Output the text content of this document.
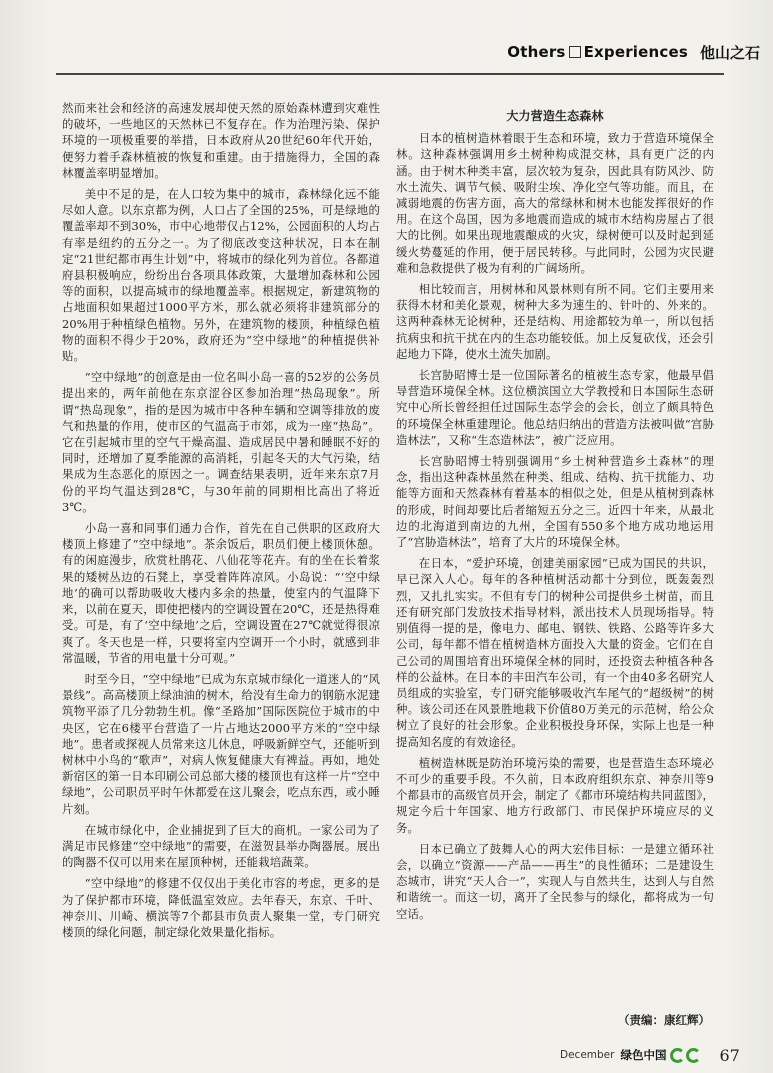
Others Experiences 他山之石

然而来社会和经济的高速发展却使天然的原始森林遭到灾难性的破坏，一些地区的天然林已不复存在。作为治理污染、保护环境的一项极重要的举措，日本政府从20世纪60年代开始，便努力着手森林植被的恢复和重建。由于措施得力，全国的森林覆盖率明显增加。

美中不足的是，在人口较为集中的城市，森林绿化远不能尽如人意。以东京都为例，人口占了全国的25%，可是绿地的覆盖率却不到30%，市中心地带仅占12%，公园面积的人均占有率是纽约的五分之一。为了彻底改变这种状况，日本在制定“21世纪都市再生计划”中，将城市的绿化列为首位。各都道府县积极响应，纷纷出台各项具体政策，大量增加森林和公园等的面积，以提高城市的绿地覆盖率。根据规定，新建筑物的占地面积如果超过1000平方米，那么就必须将非建筑部分的20%用于种植绿色植物。另外，在建筑物的楼顶，种植绿色植物的面积不得少于20%，政府还为“空中绿地”的种植提供补贴。

“空中绿地”的创意是由一位名叫小岛一喜的52岁的公务员提出来的，两年前他在东京涩谷区参加治理“热岛现象”。所谓“热岛现象”，指的是因为城市中各种车辆和空调等排放的废气和热量的作用，使市区的气温高于市郊，成为一座“热岛”。它在引起城市里的空气干燥高温、造成居民中暑和睡眠不好的同时，还增加了夏季能源的高消耗，引起冬天的大气污染，结果成为生态恶化的原因之一。调查结果表明，近年来东京7月份的平均气温达到28℃，与30年前的同期相比高出了将近3℃。

小岛一喜和同事们通力合作，首先在自己供职的区政府大楼顶上修建了“空中绿地”。茶余饭后，职员们便上楼顶休憩。有的闲庭漫步，欣赏杜鹃花、八仙花等花卉。有的坐在长着浆果的矮树丛边的石凳上，享受着阵阵凉风。小岛说：“‘空中绿地’的确可以帮助吸收大楼内多余的热量，使室内的气温降下来，以前在夏天，即使把楼内的空调设置在20℃，还是热得难受。可是，有了‘空中绿地’之后，空调设置在27℃就觉得很凉爽了。冬天也是一样，只要将室内空调开一个小时，就感到非常温暖，节省的用电量十分可观。”

时至今日，“空中绿地”已成为东京城市绿化一道迷人的“风景线”。高高楼顶上绿油油的树木，给没有生命力的钢筋水泥建筑物平添了几分勃勃生机。像“圣路加”国际医院位于城市的中央区，它在6楼平台营造了一片占地达2000平方米的“空中绿地”。患者或探视人员常来这儿休息，呼吸新鲜空气，还能听到树林中小鸟的“歌声”，对病人恢复健康大有裨益。再如，地处新宿区的第一日本印刷公司总部大楼的楼顶也有这样一片“空中绿地”，公司职员平时午休都爱在这儿聚会，吃点东西，或小睡片刻。

在城市绿化中，企业捕捉到了巨大的商机。一家公司为了满足市民修建“空中绿地”的需要，在滋贺县举办陶器展。展出的陶器不仅可以用来在屋顶种树，还能栽培蔬菜。

“空中绿地”的修建不仅仅出于美化市容的考虑，更多的是为了保护都市环境，降低温室效应。去年春天，东京、千叶、神奈川、川崎、横滨等7个都县市负责人聚集一堂，专门研究楼顶的绿化问题，制定绿化效果量化指标。

大力营造生态森林

日本的植树造林着眼于生态和环境，致力于营造环境保全林。这种森林强调用乡土树种构成混交林，具有更广泛的内涵。由于树木种类丰富，层次较为复杂，因此具有防风沙、防水土流失、调节气候、吸附尘埃、净化空气等功能。而且，在减弱地震的伤害方面，高大的常绿林和树木也能发挥很好的作用。在这个岛国，因为多地震而造成的城市木结构房屋占了很大的比例。如果出现地震酿成的火灾，绿树便可以及时起到延缓火势蔓延的作用，便于居民转移。与此同时，公园为灾民避难和急救提供了极为有利的广阔场所。

相比较而言，用树林和风景林则有所不同。它们主要用来获得木材和美化景观，树种大多为速生的、针叶的、外来的。这两种森林无论树种，还是结构、用途都较为单一，所以包括抗病虫和抗干扰在内的生态功能较低。加上反复砍伐，还会引起地力下降，使水土流失加剧。

长宫胁昭博士是一位国际著名的植被生态专家，他最早倡导营造环境保全林。这位横滨国立大学教授和日本国际生态研究中心所长曾经担任过国际生态学会的会长，创立了颇具特色的环境保全林重建理论。他总结归纳出的营造方法被叫做“宫胁造林法”，又称“生态造林法”，被广泛应用。

长宫胁昭博士特别强调用“乡土树种营造乡土森林”的理念，指出这种森林虽然在种类、组成、结构、抗干扰能力、功能等方面和天然森林有着基本的相似之处，但是从植树到森林的形成，时间却要比后者缩短五分之三。近四十年来，从最北边的北海道到南边的九州，全国有550多个地方成功地运用了“宫胁造林法”，培育了大片的环境保全林。

在日本，“爱护环境，创建美丽家园”已成为国民的共识，早已深入人心。每年的各种植树活动都十分到位，既轰轰烈烈，又扎扎实实。不但有专门的树种公司提供乡土树苗，而且还有研究部门发放技术指导材料，派出技术人员现场指导。特别值得一提的是，像电力、邮电、钢铁、铁路、公路等许多大公司，每年都不惜在植树造林方面投入大量的资金。它们在自己公司的周围培育出环境保全林的同时，还投资去种植各种各样的公益林。在日本的丰田汽车公司，有一个由40多名研究人员组成的实验室，专门研究能够吸收汽车尾气的“超级树”的树种。该公司还在风景胜地栽下价值80万美元的示范树，给公众树立了良好的社会形象。企业积极投身环保，实际上也是一种提高知名度的有效途径。

植树造林既是防治环境污染的需要，也是营造生态环境必不可少的重要手段。不久前，日本政府组织东京、神奈川等9个都县市的高级官员开会，制定了《都市环境结构共同蓝图》，规定今后十年国家、地方行政部门、市民保护环境应尽的义务。

日本已确立了鼓舞人心的两大宏伟目标：一是建立循环社会，以确立“资源——产品——再生”的良性循环；二是建设生态城市，讲究“天人合一”，实现人与自然共生，达到人与自然和谐统一。而这一切，离开了全民参与的绿化，都将成为一句空话。

（责编：康红辉）
December 绿色中国	67
